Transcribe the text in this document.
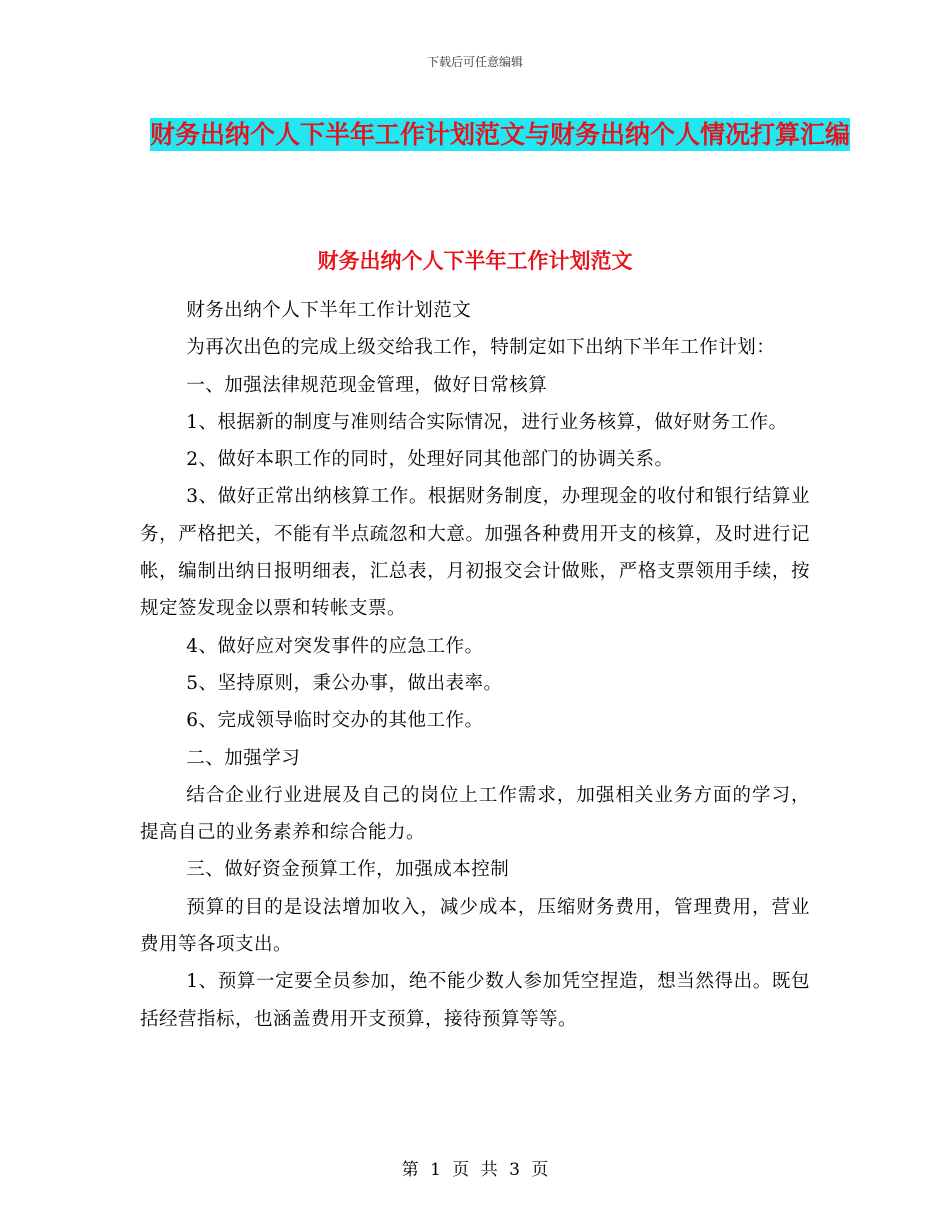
下载后可任意编辑
财务出纳个人下半年工作计划范文与财务出纳个人情况打算汇编
财务出纳个人下半年工作计划范文

财务出纳个人下半年工作计划范文

为再次出色的完成上级交给我工作，特制定如下出纳下半年工作计划：

一、加强法律规范现金管理，做好日常核算

1、根据新的制度与准则结合实际情况，进行业务核算，做好财务工作。

2、做好本职工作的同时，处理好同其他部门的协调关系。

3、做好正常出纳核算工作。根据财务制度，办理现金的收付和银行结算业务，严格把关，不能有半点疏忽和大意。加强各种费用开支的核算，及时进行记帐，编制出纳日报明细表，汇总表，月初报交会计做账，严格支票领用手续，按规定签发现金以票和转帐支票。

4、做好应对突发事件的应急工作。

5、坚持原则，秉公办事，做出表率。

6、完成领导临时交办的其他工作。

二、加强学习

结合企业行业进展及自己的岗位上工作需求，加强相关业务方面的学习，提高自己的业务素养和综合能力。

三、做好资金预算工作，加强成本控制

预算的目的是设法增加收入，减少成本，压缩财务费用，管理费用，营业费用等各项支出。

1、预算一定要全员参加，绝不能少数人参加凭空捏造，想当然得出。既包括经营指标，也涵盖费用开支预算，接待预算等等。

第 1 页 共 3 页
